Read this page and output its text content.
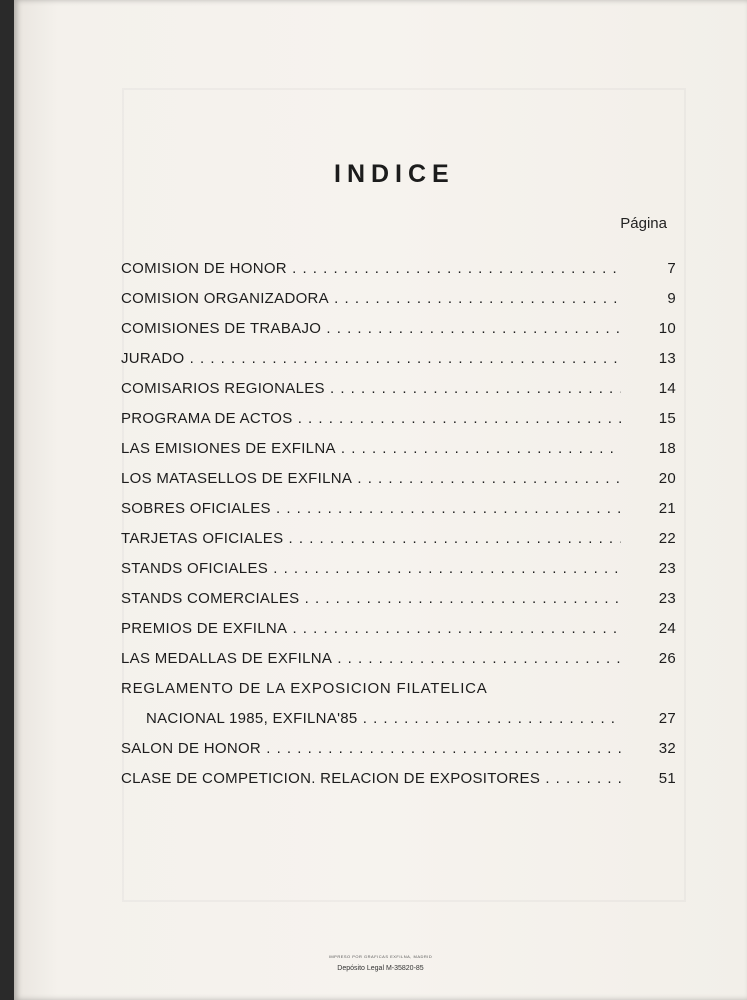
INDICE
Página
COMISION DE HONOR . . .	7
COMISION ORGANIZADORA . . .	9
COMISIONES DE TRABAJO . . .	10
JURADO . . .	13
COMISARIOS REGIONALES . . .	14
PROGRAMA DE ACTOS . . .	15
LAS EMISIONES DE EXFILNA . . .	18
LOS MATASELLOS DE EXFILNA . . .	20
SOBRES OFICIALES . . .	21
TARJETAS OFICIALES . . .	22
STANDS OFICIALES . . .	23
STANDS COMERCIALES . . .	23
PREMIOS DE EXFILNA . . .	24
LAS MEDALLAS DE EXFILNA . . .	26
REGLAMENTO DE LA EXPOSICION FILATELICA
NACIONAL 1985, EXFILNA'85 . . .	27
SALON DE HONOR . . .	32
CLASE DE COMPETICION. RELACION DE EXPOSITORES . . .	51
IMPRESO POR GRAFICAS EXFILNA, MADRID
Depósito Legal M-35820-85
